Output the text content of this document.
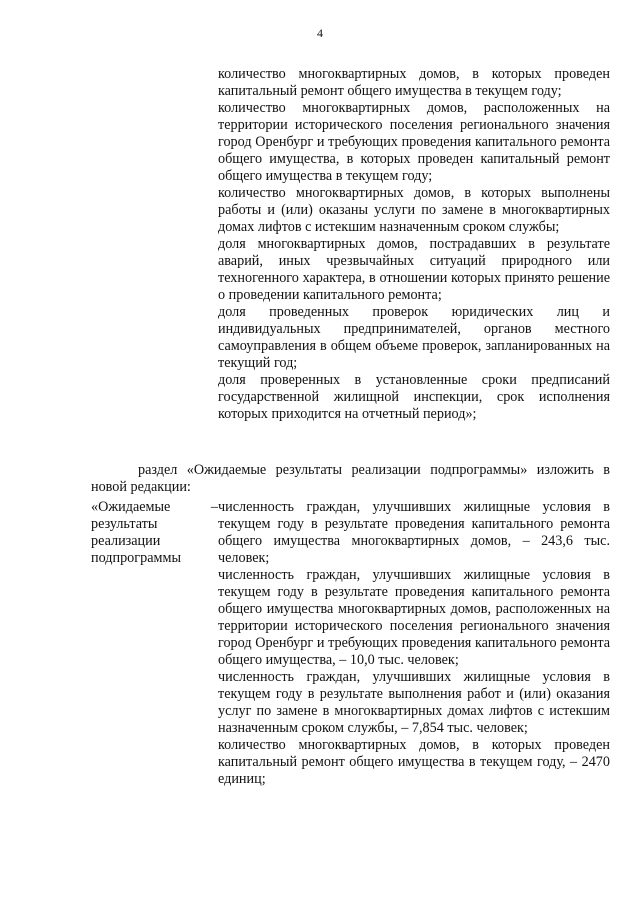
4

количество многоквартирных домов, в которых проведен капитальный ремонт общего имущества в текущем году;

количество многоквартирных домов, расположенных на территории исторического поселения регионального значения город Оренбург и требующих проведения капитального ремонта общего имущества, в которых проведен капитальный ремонт общего имущества в текущем году;

количество многоквартирных домов, в которых выполнены работы и (или) оказаны услуги по замене в многоквартирных домах лифтов с истекшим назначенным сроком службы;

доля многоквартирных домов, пострадавших в результате аварий, иных чрезвычайных ситуаций природного или техногенного характера, в отношении которых принято решение о проведении капитального ремонта;

доля проведенных проверок юридических лиц и индивидуальных предпринимателей, органов местного самоуправления в общем объеме проверок, запланированных на текущий год;

доля проверенных в установленные сроки предписаний государственной жилищной инспекции, срок исполнения которых приходится на отчетный период»;

раздел «Ожидаемые результаты реализации подпрограммы» изложить в новой редакции:

«Ожидаемые результаты реализации подпрограммы
– численность граждан, улучшивших жилищные условия в текущем году в результате проведения капитального ремонта общего имущества многоквартирных домов, – 243,6 тыс. человек;

численность граждан, улучшивших жилищные условия в текущем году в результате проведения капитального ремонта общего имущества многоквартирных домов, расположенных на территории исторического поселения регионального значения город Оренбург и требующих проведения капитального ремонта общего имущества, – 10,0 тыс. человек;

численность граждан, улучшивших жилищные условия в текущем году в результате выполнения работ и (или) оказания услуг по замене в многоквартирных домах лифтов с истекшим назначенным сроком службы, – 7,854 тыс. человек;

количество многоквартирных домов, в которых проведен капитальный ремонт общего имущества в текущем году, – 2470 единиц;
